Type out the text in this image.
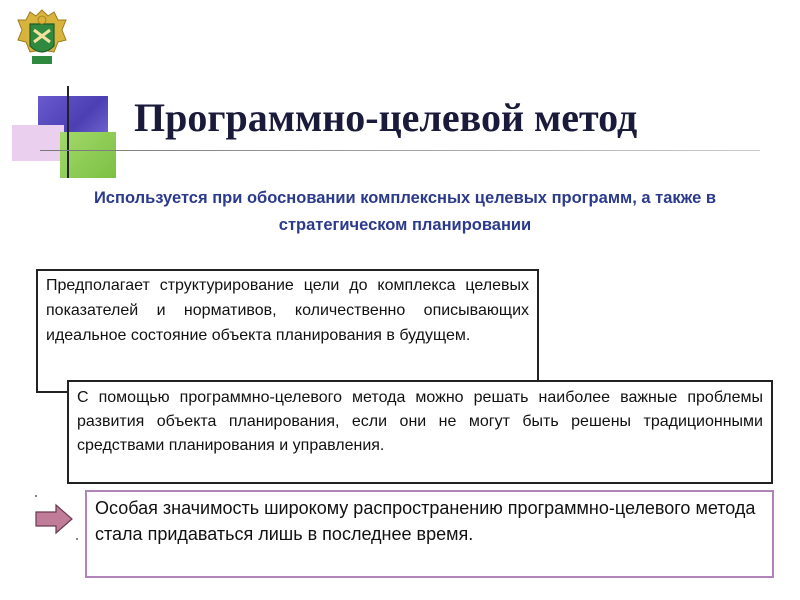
Программно-целевой метод
Используется при обосновании комплексных целевых программ, а также в стратегическом планировании
Предполагает структурирование цели до комплекса целевых показателей и нормативов, количественно описывающих идеальное состояние объекта планирования в будущем.
С помощью программно-целевого метода можно решать наиболее важные проблемы развития объекта планирования, если они не могут быть решены традиционными средствами планирования и управления.
Особая значимость широкому распространению программно-целевого метода стала придаваться лишь в последнее время.
